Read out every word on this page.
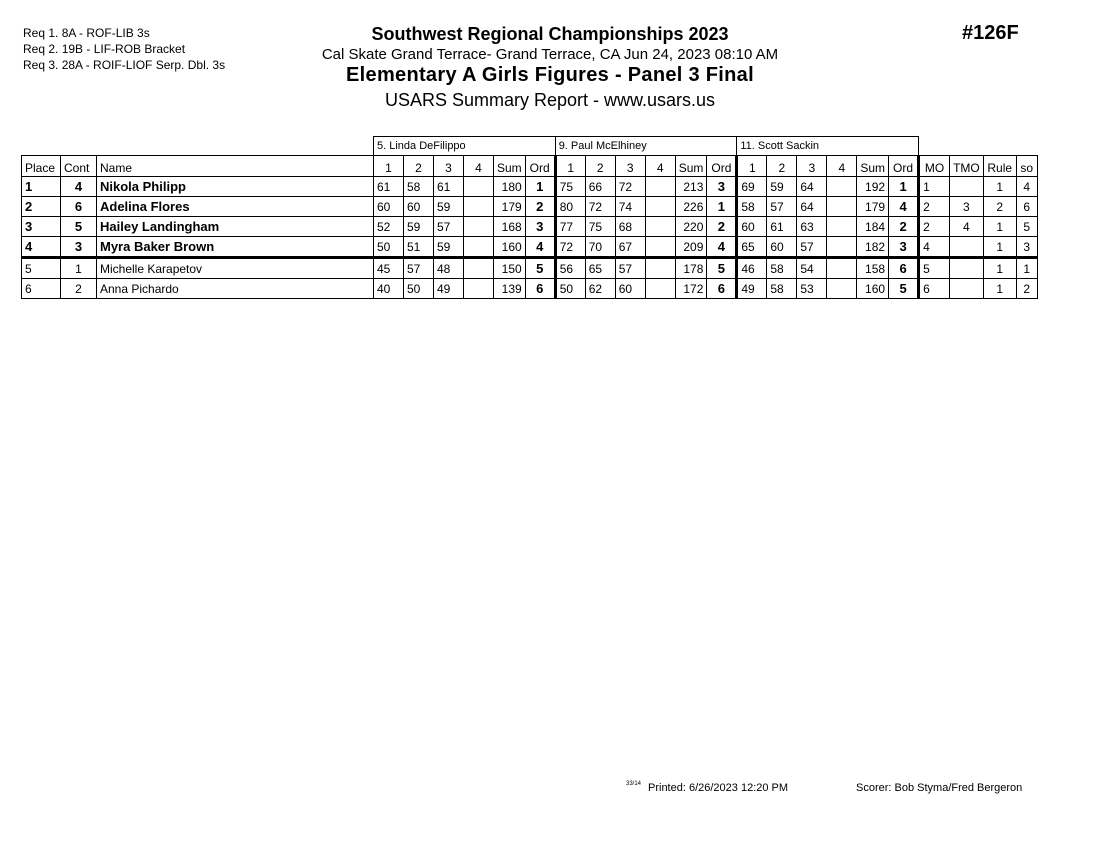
Req 1. 8A - ROF-LIB 3s
Req 2. 19B - LIF-ROB Bracket
Req 3. 28A - ROIF-LIOF Serp. Dbl. 3s
Southwest Regional Championships 2023
Cal Skate Grand Terrace- Grand Terrace, CA Jun 24, 2023 08:10 AM
Elementary A Girls Figures - Panel 3 Final
USARS Summary Report - www.usars.us
#126F
			5. Linda DeFilippo						9. Paul McElhiney						11. Scott Sackin									
Place	Cont	Name	1	2	3	4	Sum	Ord	1	2	3	4	Sum	Ord	1	2	3	4	Sum	Ord	MO	TMO	Rule	so
1	4	Nikola Philipp	61	58	61		180	1	75	66	72		213	3	69	59	64		192	1	1		1	4
2	6	Adelina Flores	60	60	59		179	2	80	72	74		226	1	58	57	64		179	4	2	3	2	6
3	5	Hailey Landingham	52	59	57		168	3	77	75	68		220	2	60	61	63		184	2	2	4	1	5
4	3	Myra Baker Brown	50	51	59		160	4	72	70	67		209	4	65	60	57		182	3	4		1	3
5	1	Michelle Karapetov	45	57	48		150	5	56	65	57		178	5	46	58	54		158	6	5		1	1
6	2	Anna Pichardo	40	50	49		139	6	50	62	60		172	6	49	58	53		160	5	6		1	2
33/14 Printed: 6/26/2023 12:20 PM	Scorer: Bob Styma/Fred Bergeron
